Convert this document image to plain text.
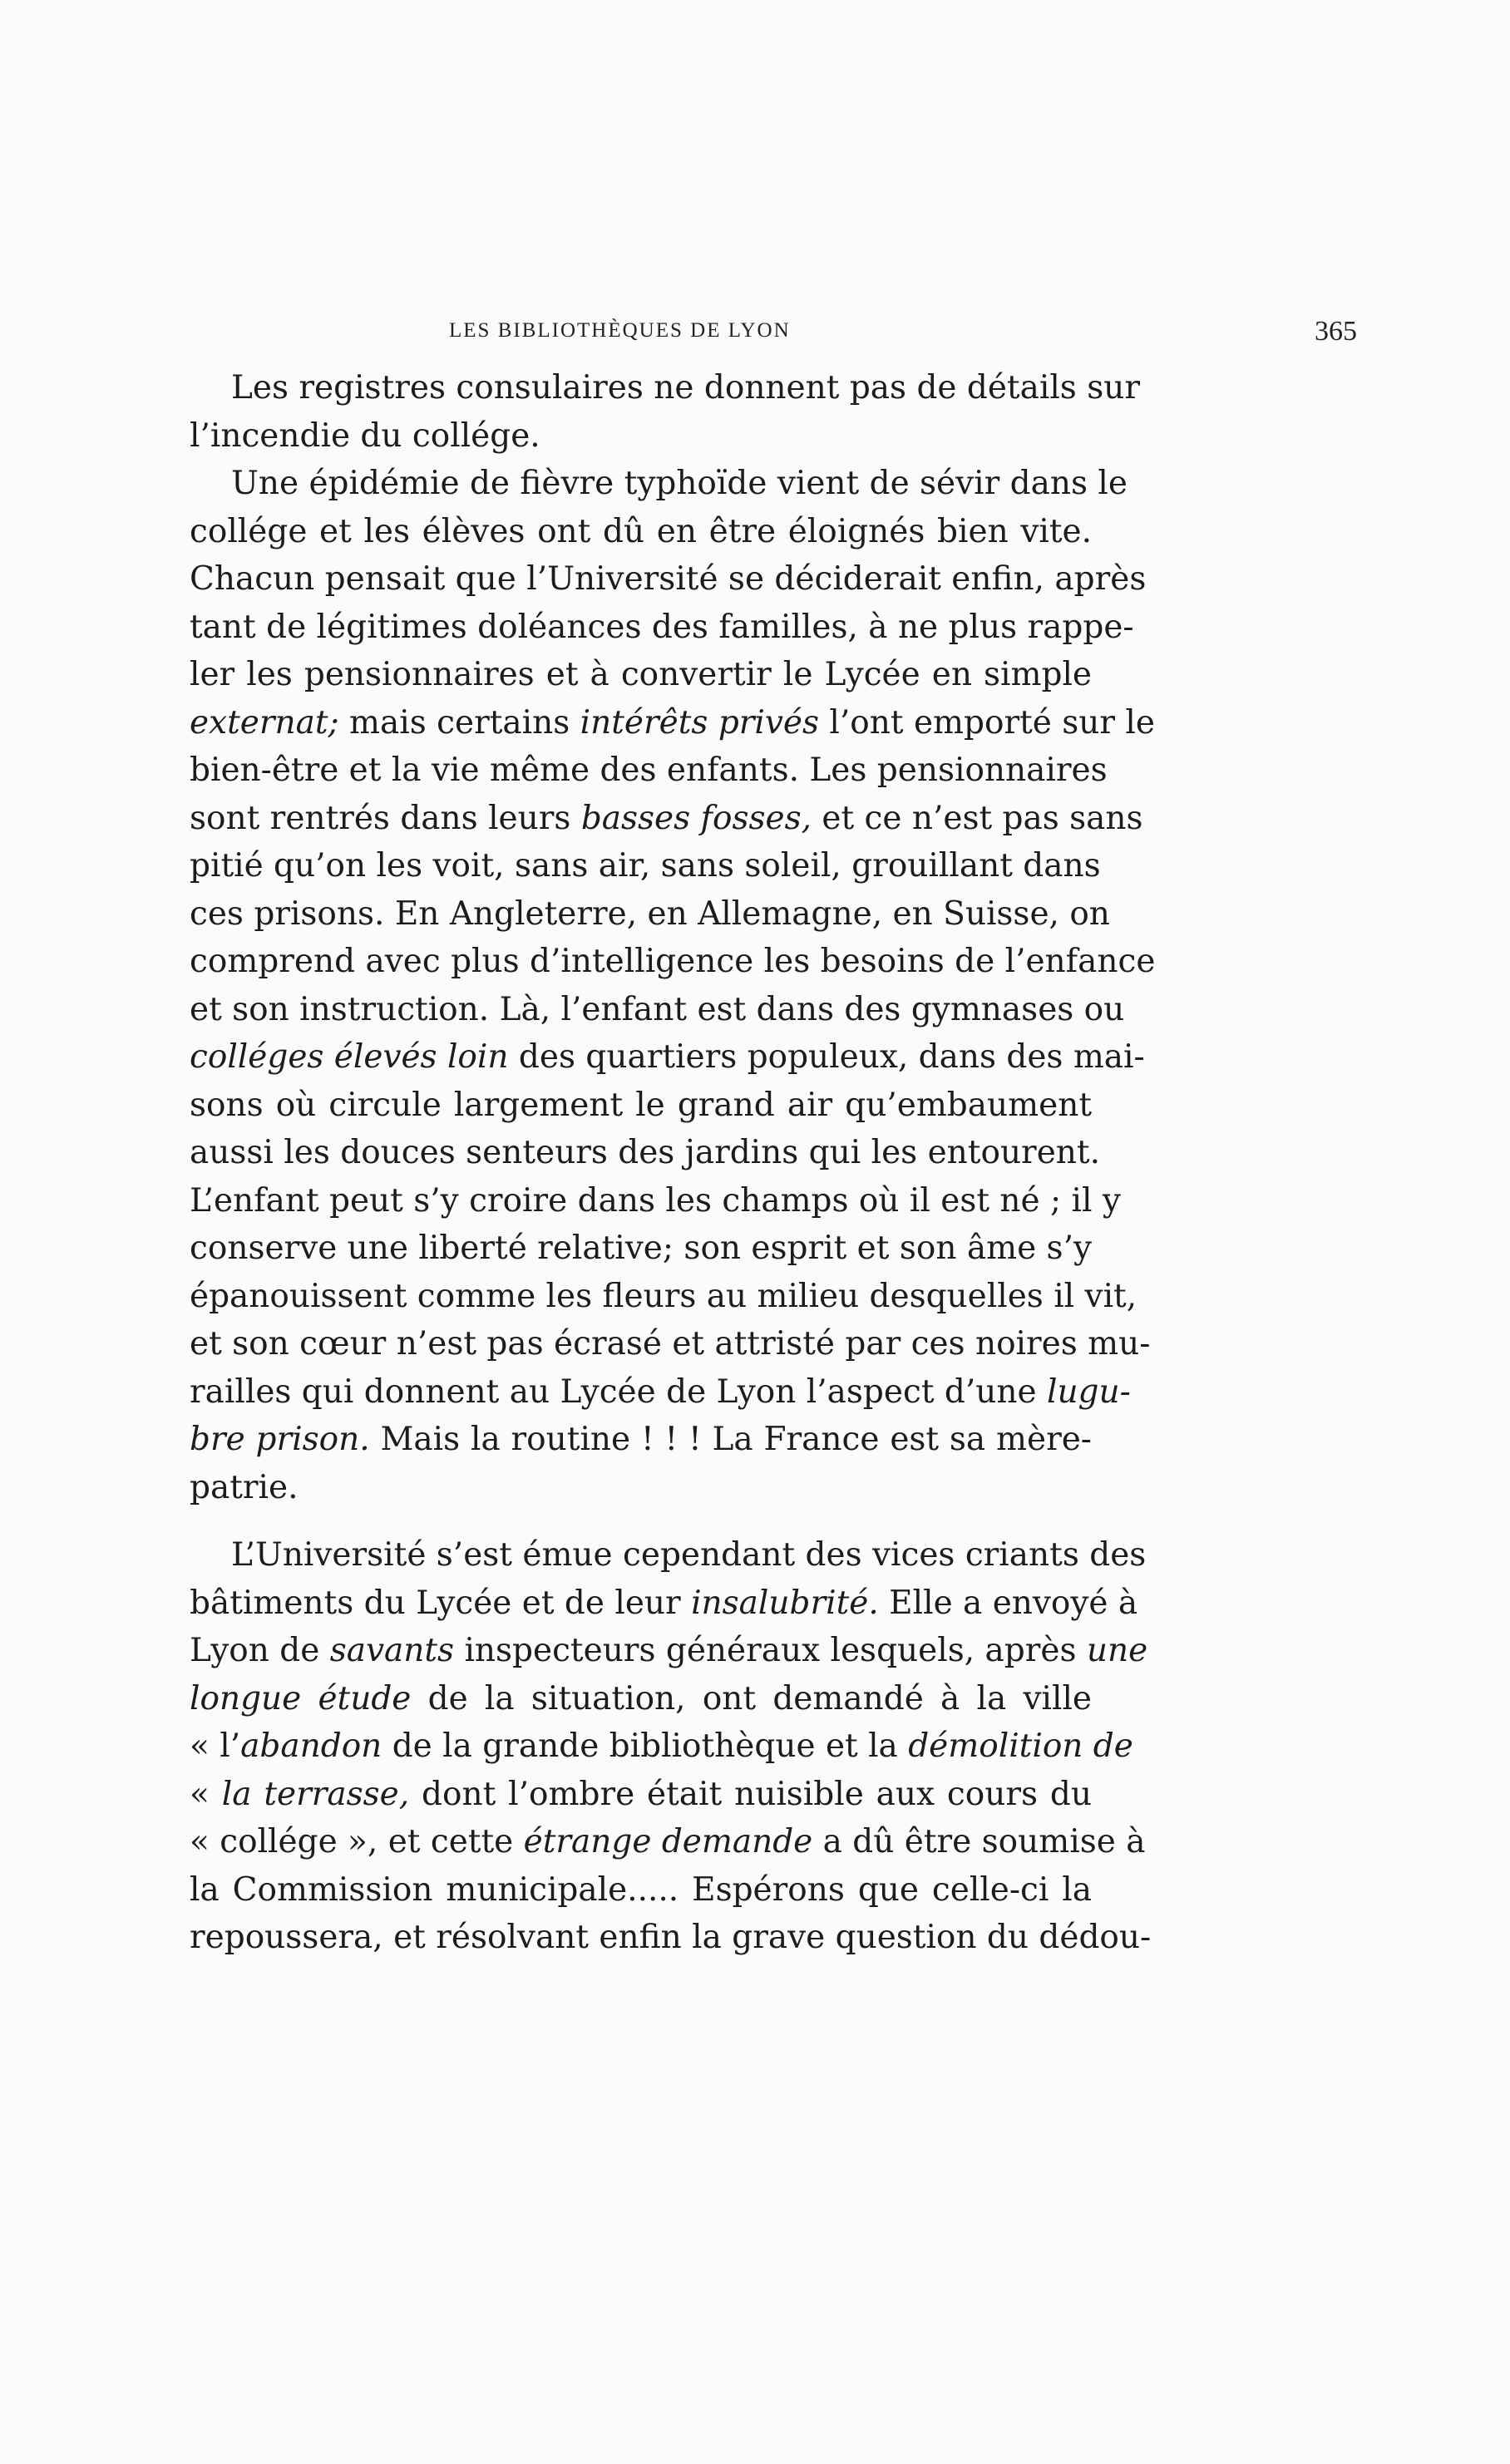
LES BIBLIOTHÈQUES DE LYON	365
Les registres consulaires ne donnent pas de détails sur
l’incendie du collége.
Une épidémie de fièvre typhoïde vient de sévir dans le
collége et les élèves ont dû en être éloignés bien vite.
Chacun pensait que l’Université se déciderait enfin, après
tant de légitimes doléances des familles, à ne plus rappe-
ler les pensionnaires et à convertir le Lycée en simple
externat; mais certains intérêts privés l’ont emporté sur le
bien-être et la vie même des enfants. Les pensionnaires
sont rentrés dans leurs basses fosses, et ce n’est pas sans
pitié qu’on les voit, sans air, sans soleil, grouillant dans
ces prisons. En Angleterre, en Allemagne, en Suisse, on
comprend avec plus d’intelligence les besoins de l’enfance
et son instruction. Là, l’enfant est dans des gymnases ou
colléges élevés loin des quartiers populeux, dans des mai-
sons où circule largement le grand air qu’embaument
aussi les douces senteurs des jardins qui les entourent.
L’enfant peut s’y croire dans les champs où il est né ; il y
conserve une liberté relative; son esprit et son âme s’y
épanouissent comme les fleurs au milieu desquelles il vit,
et son cœur n’est pas écrasé et attristé par ces noires mu-
railles qui donnent au Lycée de Lyon l’aspect d’une lugu-
bre prison. Mais la routine ! ! ! La France est sa mère-
patrie.
L’Université s’est émue cependant des vices criants des
bâtiments du Lycée et de leur insalubrité. Elle a envoyé à
Lyon de savants inspecteurs généraux lesquels, après une
longue étude de la situation, ont demandé à la ville
« l’abandon de la grande bibliothèque et la démolition de
« la terrasse, dont l’ombre était nuisible aux cours du
« collége », et cette étrange demande a dû être soumise à
la Commission municipale..... Espérons que celle-ci la
repoussera, et résolvant enfin la grave question du dédou-
